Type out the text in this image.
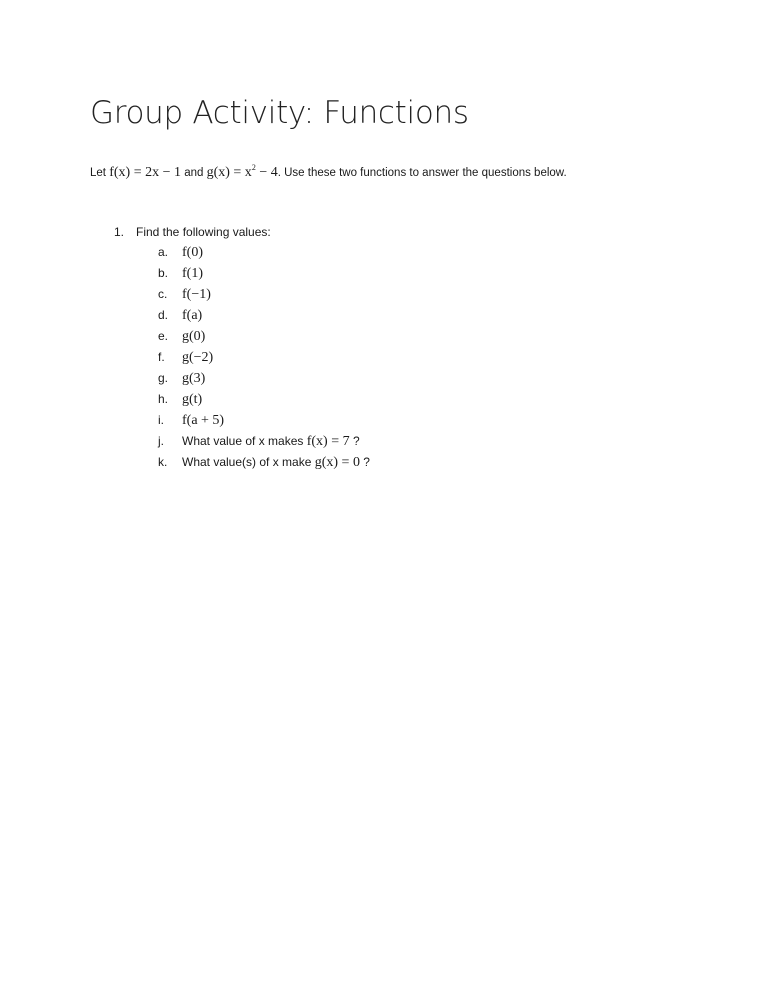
Group Activity: Functions
Let f(x) = 2x − 1 and $g(x) = x^2 - 4$. Use these two functions to answer the questions below.
1. Find the following values:
a. f(0)
b. f(1)
c. f(−1)
d. f(a)
e. g(0)
f. g(−2)
g. g(3)
h. g(t)
i. f(a + 5)
j. What value of x makes f(x) = 7 ?
k. What value(s) of x make g(x) = 0 ?
